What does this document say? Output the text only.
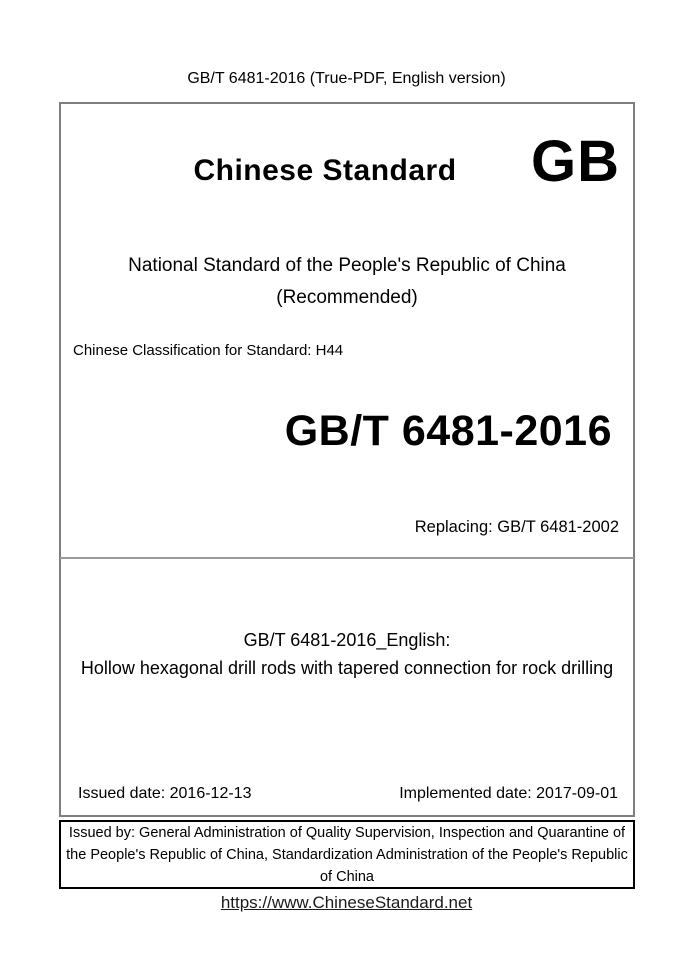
GB/T 6481-2016 (True-PDF, English version)
Chinese Standard	GB
National Standard of the People's Republic of China
(Recommended)
Chinese Classification for Standard: H44
GB/T 6481-2016
Replacing: GB/T 6481-2002
GB/T 6481-2016_English:
Hollow hexagonal drill rods with tapered connection for rock drilling
Issued date: 2016-12-13	Implemented date: 2017-09-01
Issued by: General Administration of Quality Supervision, Inspection and Quarantine of the People's Republic of China, Standardization Administration of the People's Republic of China
https://www.ChineseStandard.net
